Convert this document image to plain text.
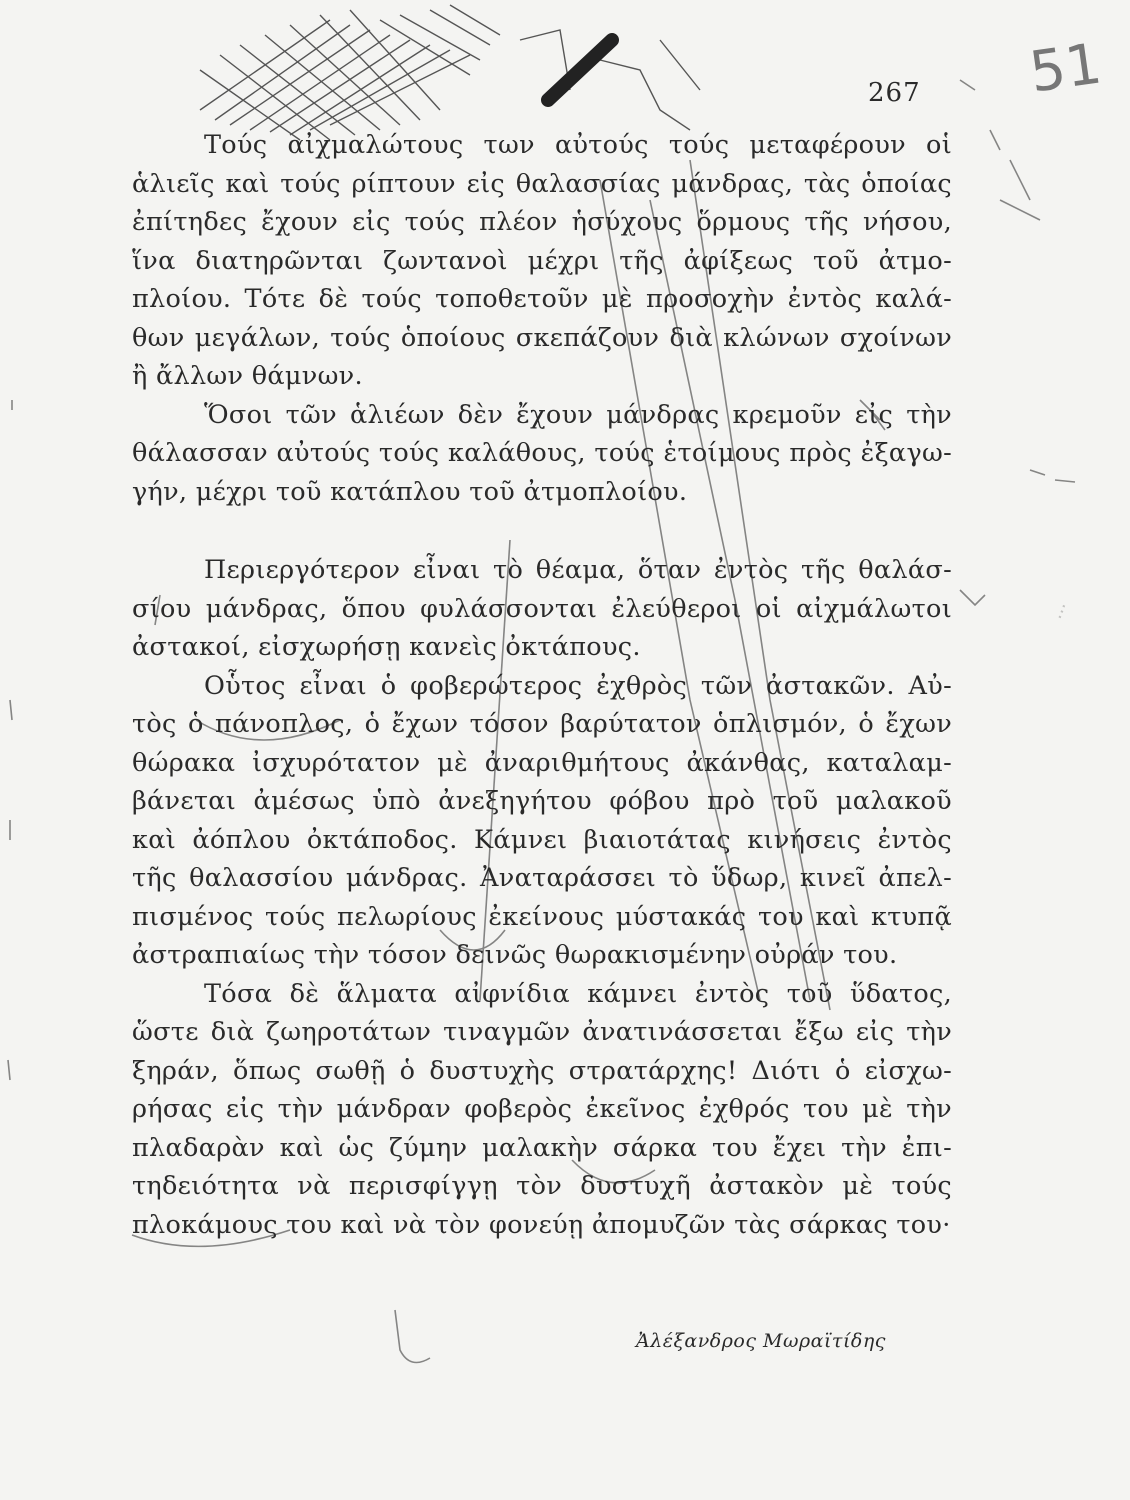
...
267 51
Τούς αἰχμαλώτους των αὐτούς τούς μεταφέρουν οἱ
ἁλιεῖς καὶ τούς ρίπτουν εἰς θαλασσίας μάνδρας, τὰς ὁποίας
ἐπίτηδες ἔχουν εἰς τούς πλέον ἡσύχους ὅρμους τῆς νήσου,
ἵνα διατηρῶνται ζωντανοὶ μέχρι τῆς ἀφίξεως τοῦ ἀτμο-
πλοίου. Τότε δὲ τούς τοποθετοῦν μὲ προσοχὴν ἐντὸς καλά-
θων μεγάλων, τούς ὁποίους σκεπάζουν διὰ κλώνων σχοίνων
ἢ ἄλλων θάμνων.
Ὅσοι τῶν ἁλιέων δὲν ἔχουν μάνδρας κρεμοῦν εἰς τὴν
θάλασσαν αὐτούς τούς καλάθους, τούς ἑτοίμους πρὸς ἐξαγω-
γήν, μέχρι τοῦ κατάπλου τοῦ ἀτμοπλοίου.
Περιεργότερον εἶναι τὸ θέαμα, ὅταν ἐντὸς τῆς θαλάσ-
σίου μάνδρας, ὅπου φυλάσσονται ἐλεύθεροι οἱ αἰχμάλωτοι
ἀστακοί, εἰσχωρήσῃ κανεὶς ὀκτάπους.
Οὗτος εἶναι ὁ φοβερώτερος ἐχθρὸς τῶν ἀστακῶν. Αὐ-
τὸς ὁ πάνοπλος, ὁ ἔχων τόσον βαρύτατον ὁπλισμόν, ὁ ἔχων
θώρακα ἰσχυρότατον μὲ ἀναριθμήτους ἀκάνθας, καταλαμ-
βάνεται ἀμέσως ὑπὸ ἀνεξηγήτου φόβου πρὸ τοῦ μαλακοῦ
καὶ ἀόπλου ὀκτάποδος. Κάμνει βιαιοτάτας κινήσεις ἐντὸς
τῆς θαλασσίου μάνδρας. Ἀναταράσσει τὸ ὕδωρ, κινεῖ ἀπελ-
πισμένος τούς πελωρίους ἐκείνους μύστακάς του καὶ κτυπᾷ
ἀστραπιαίως τὴν τόσον δεινῶς θωρακισμένην οὐράν του.
Τόσα δὲ ἅλματα αἰφνίδια κάμνει ἐντὸς τοῦ ὕδατος,
ὥστε διὰ ζωηροτάτων τιναγμῶν ἀνατινάσσεται ἔξω εἰς τὴν
ξηράν, ὅπως σωθῇ ὁ δυστυχὴς στρατάρχης! Διότι ὁ εἰσχω-
ρήσας εἰς τὴν μάνδραν φοβερὸς ἐκεῖνος ἐχθρός του μὲ τὴν
πλαδαρὰν καὶ ὡς ζύμην μαλακὴν σάρκα του ἔχει τὴν ἐπι-
τηδειότητα νὰ περισφίγγῃ τὸν δυστυχῆ ἀστακὸν μὲ τούς
πλοκάμους του καὶ νὰ τὸν φονεύῃ ἀπομυζῶν τὰς σάρκας του·
Ἀλέξανδρος Μωραϊτίδης
